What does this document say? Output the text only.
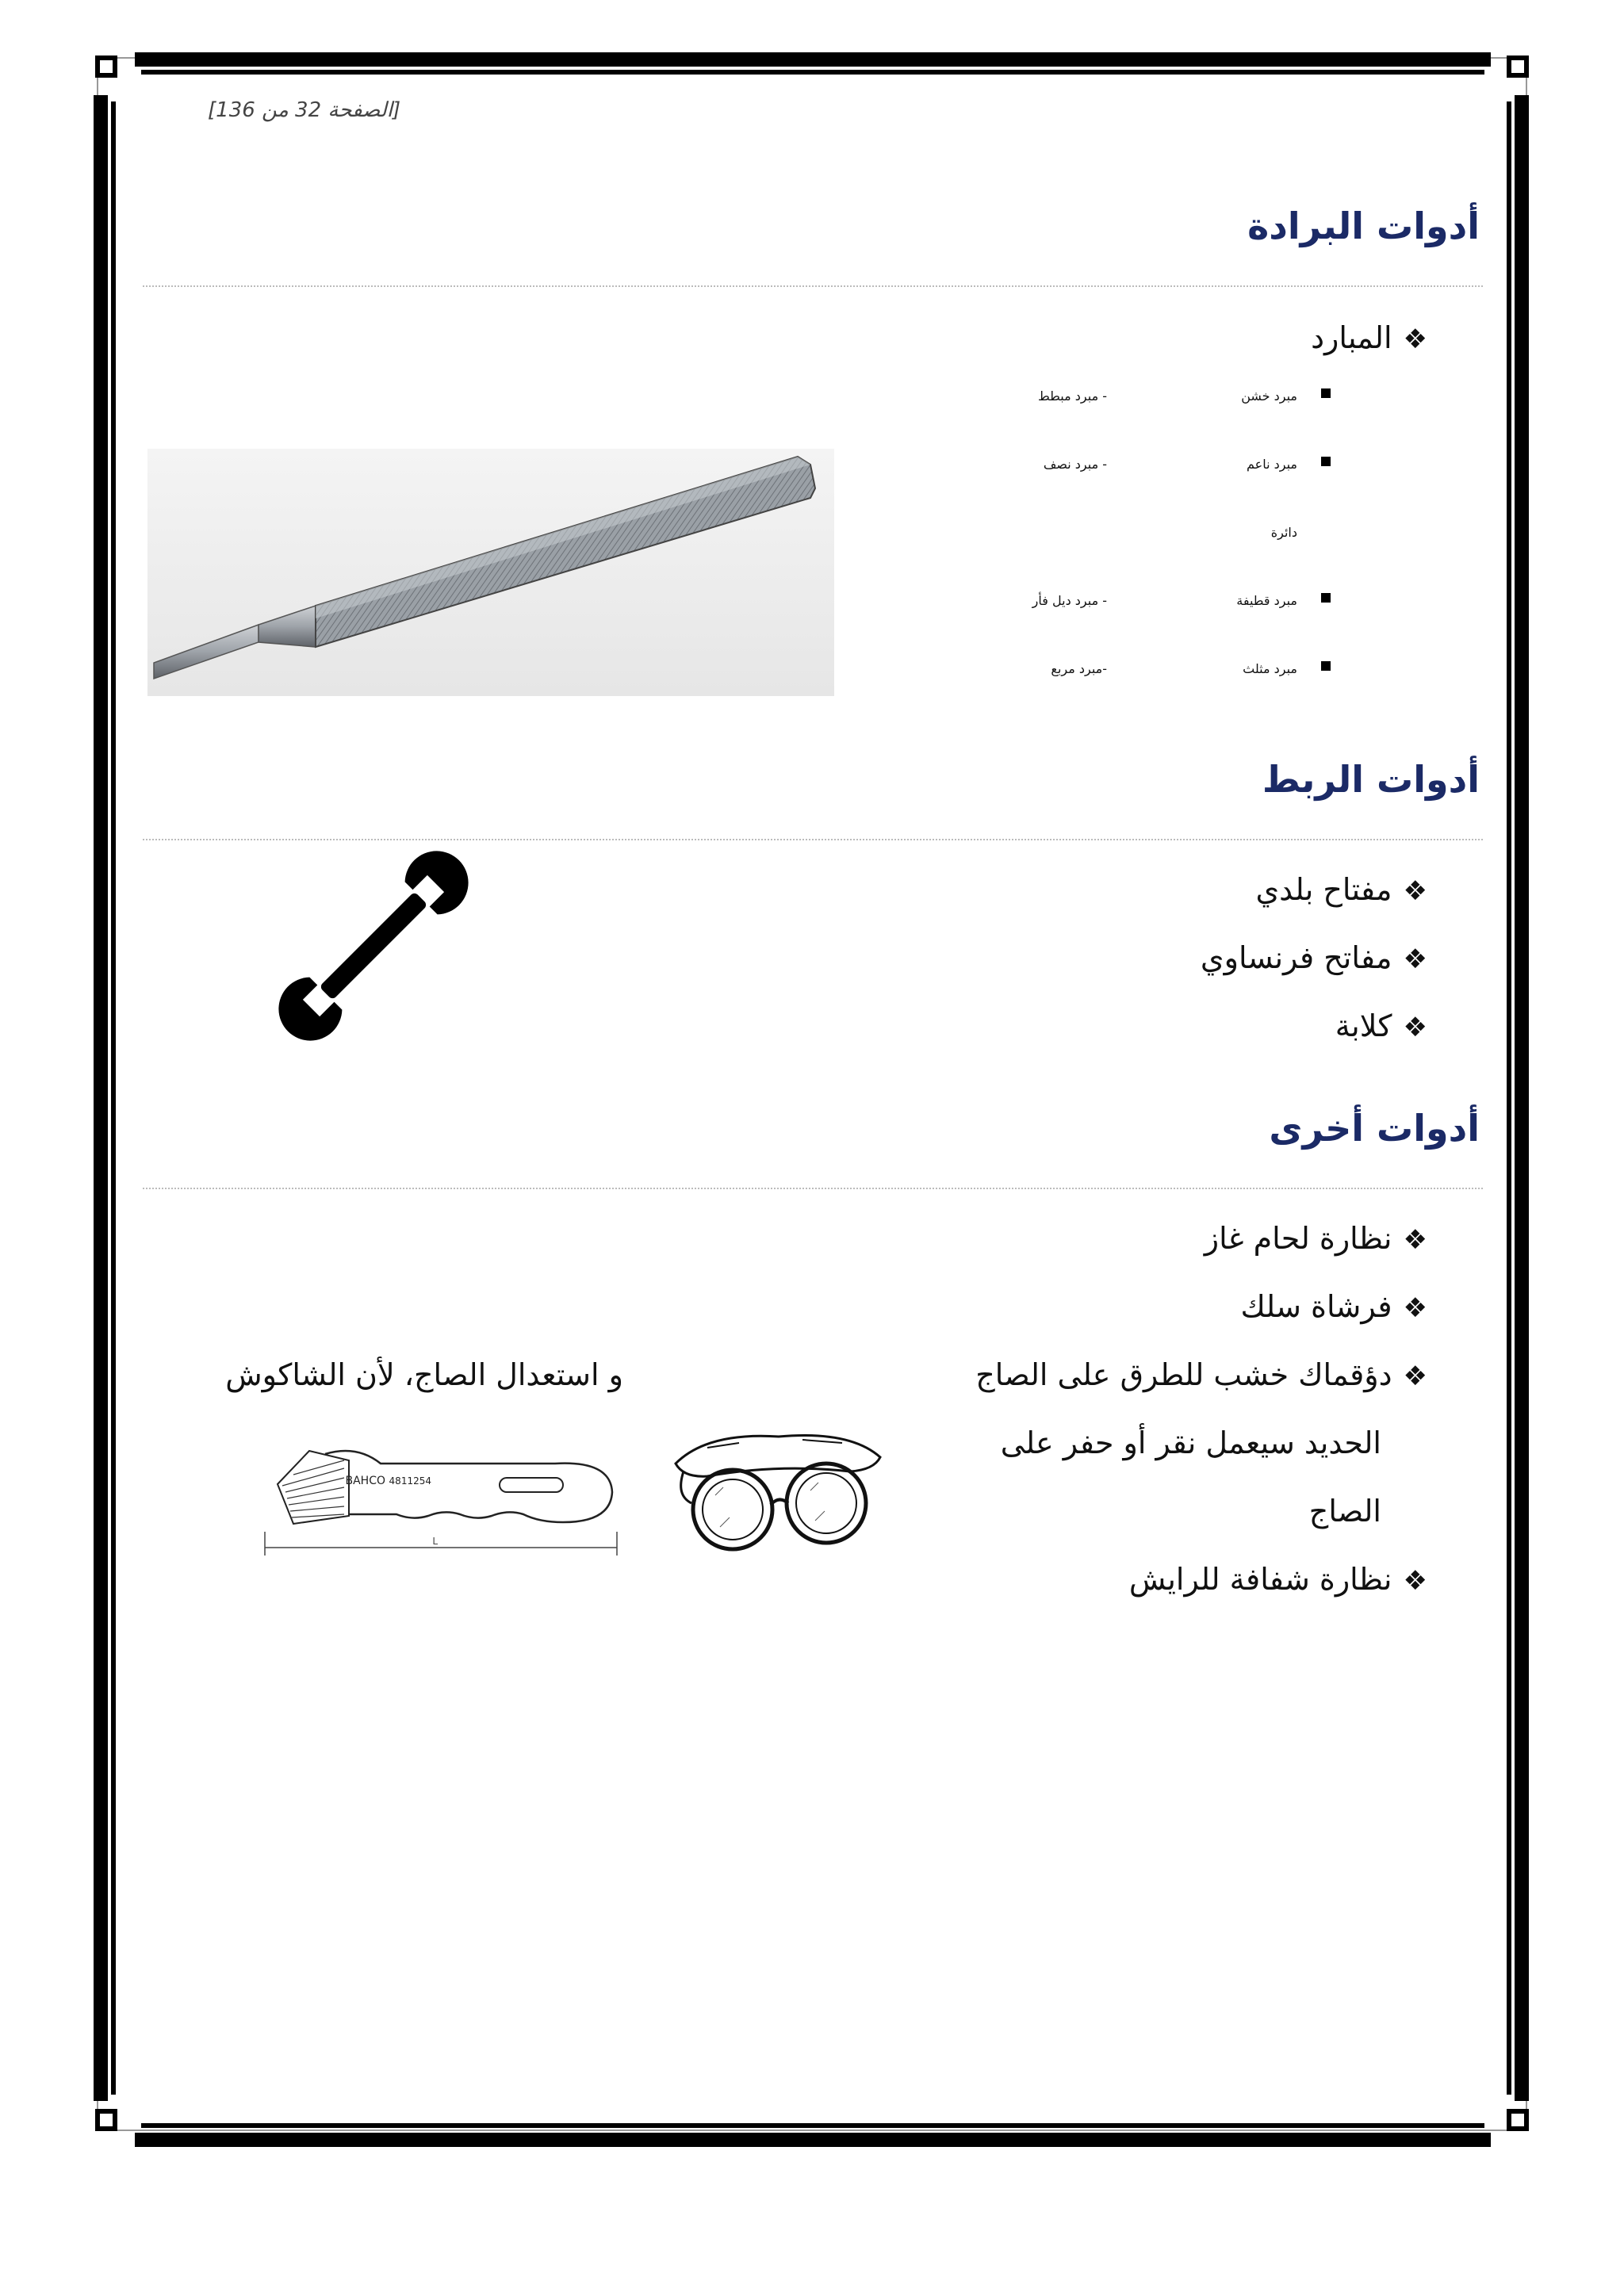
[الصفحة 32 من 136]
أدوات البرادة
❖المبارد
مبرد خشن
- مبرد مبطط
مبرد ناعم
- مبرد نصف
دائرة
مبرد قطيفة
- مبرد ديل فأر
مبرد مثلث
-مبرد مربع
أدوات الربط
❖مفتاح بلدي
❖مفاتح فرنساوي
❖كلابة
أدوات أخرى
❖نظارة لحام غاز
❖فرشاة سلك
❖دؤقماك خشب للطرق على الصاج
الحديد سيعمل نقر أو حفر على
الصاج
❖نظارة شفافة للرايش
و استعدال الصاج، لأن الشاكوش
BAHCO 4811254
L
